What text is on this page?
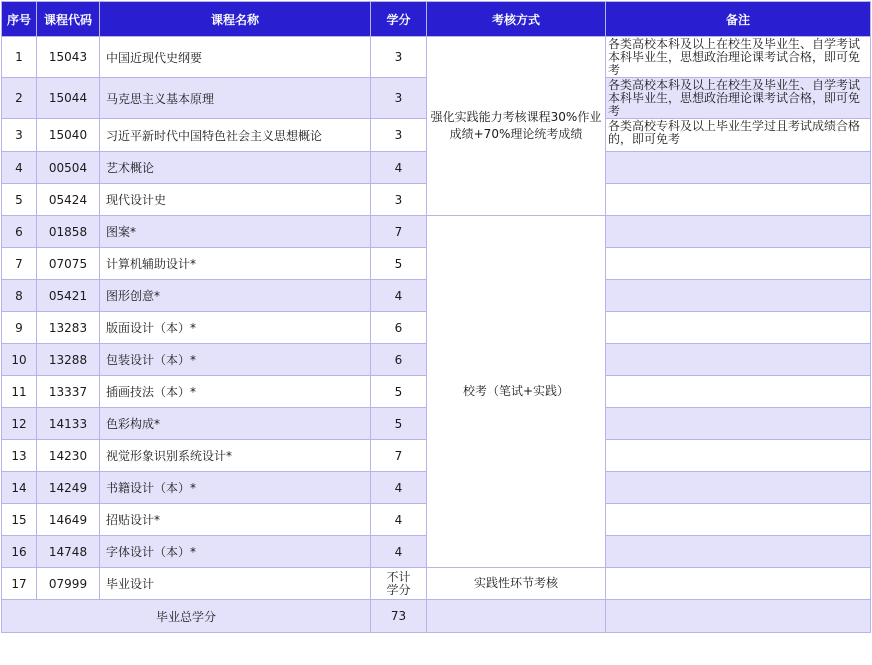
序号	课程代码	课程名称	学分	考核方式	备注
1	15043	中国近现代史纲要	3	强化实践能力考核课程30%作业成绩+70%理论统考成绩	各类高校本科及以上在校生及毕业生、自学考试本科毕业生，思想政治理论课考试合格，即可免考
2	15044	马克思主义基本原理	3		各类高校本科及以上在校生及毕业生、自学考试本科毕业生，思想政治理论课考试合格，即可免考
3	15040	习近平新时代中国特色社会主义思想概论	3		各类高校专科及以上毕业生学过且考试成绩合格的，即可免考
4	00504	艺术概论	4		
5	05424	现代设计史	3		
6	01858	图案*	7	校考（笔试+实践）	
7	07075	计算机辅助设计*	5		
8	05421	图形创意*	4		
9	13283	版面设计（本）*	6		
10	13288	包装设计（本）*	6		
11	13337	插画技法（本）*	5		
12	14133	色彩构成*	5		
13	14230	视觉形象识别系统设计*	7		
14	14249	书籍设计（本）*	4		
15	14649	招贴设计*	4		
16	14748	字体设计（本）*	4		
17	07999	毕业设计	不计学分	实践性环节考核	
毕业总学分			73		
